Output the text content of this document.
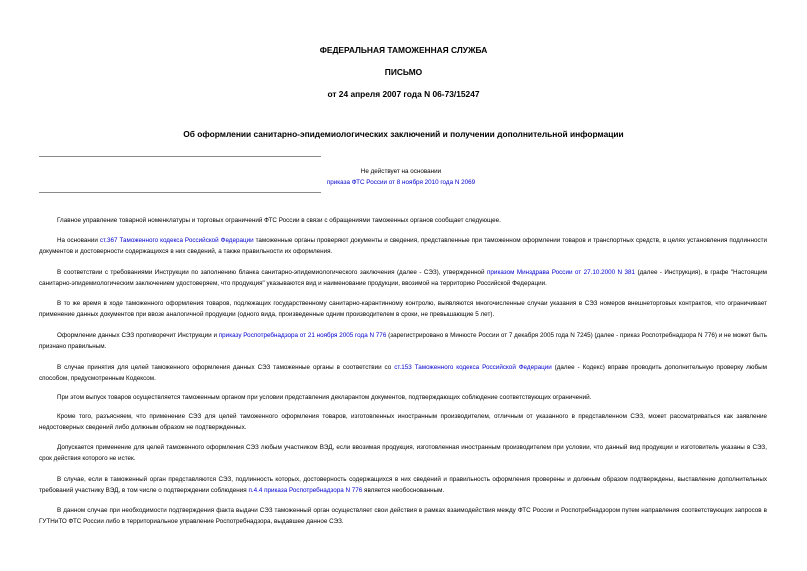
ФЕДЕРАЛЬНАЯ ТАМОЖЕННАЯ СЛУЖБА
ПИСЬМО
от 24 апреля 2007 года N 06-73/15247
Об оформлении санитарно-эпидемиологических заключений и получении дополнительной информации
Не действует на основании
приказа ФТС России от 8 ноября 2010 года N 2069

Главное управление товарной номенклатуры и торговых ограничений ФТС России в связи с обращениями таможенных органов сообщает следующее.

На основании ст.367 Таможенного кодекса Российской Федерации таможенные органы проверяют документы и сведения, представленные при таможенном оформлении товаров и транспортных средств, в целях установления подлинности документов и достоверности содержащихся в них сведений, а также правильности их оформления.

В соответствии с требованиями Инструкции по заполнению бланка санитарно-эпидемиологического заключения (далее - СЭЗ), утвержденной приказом Минздрава России от 27.10.2000 N 381 (далее - Инструкция), в графе "Настоящим санитарно-эпидемиологическим заключением удостоверяем, что продукция" указываются вид и наименование продукции, ввозимой на территорию Российской Федерации.

В то же время в ходе таможенного оформления товаров, подлежащих государственному санитарно-карантинному контролю, выявляются многочисленные случаи указания в СЭЗ номеров внешнеторговых контрактов, что ограничивает применение данных документов при ввозе аналогичной продукции (одного вида, произведенные одним производителем в сроки, не превышающие 5 лет).

Оформление данных СЭЗ противоречит Инструкции и приказу Роспотребнадзора от 21 ноября 2005 года N 776 (зарегистрировано в Минюсте России от 7 декабря 2005 года N 7245) (далее - приказ Роспотребнадзора N 776) и не может быть признано правильным.

В случае принятия для целей таможенного оформления данных СЭЗ таможенные органы в соответствии со ст.153 Таможенного кодекса Российской Федерации (далее - Кодекс) вправе проводить дополнительную проверку любым способом, предусмотренным Кодексом.

При этом выпуск товаров осуществляется таможенным органом при условии представления декларантом документов, подтверждающих соблюдение соответствующих ограничений.

Кроме того, разъясняем, что применение СЭЗ для целей таможенного оформления товаров, изготовленных иностранным производителем, отличным от указанного в представленном СЭЗ, может рассматриваться как заявление недостоверных сведений либо должным образом не подтвержденных.

Допускается применение для целей таможенного оформления СЭЗ любым участником ВЭД, если ввозимая продукция, изготовленная иностранным производителем при условии, что данный вид продукции и изготовитель указаны в СЭЗ, срок действия которого не истек.

В случае, если в таможенный орган представляются СЭЗ, подлинность которых, достоверность содержащихся в них сведений и правильность оформления проверены и должным образом подтверждены, выставление дополнительных требований участнику ВЭД, в том числе о подтверждении соблюдения п.4.4 приказа Роспотребнадзора N 776 является необоснованным.

В данном случае при необходимости подтверждения факта выдачи СЭЗ таможенный орган осуществляет свои действия в рамках взаимодействия между ФТС России и Роспотребнадзором путем направления соответствующих запросов в ГУТНиТО ФТС России либо в территориальное управление Роспотребнадзора, выдавшее данное СЭЗ.
